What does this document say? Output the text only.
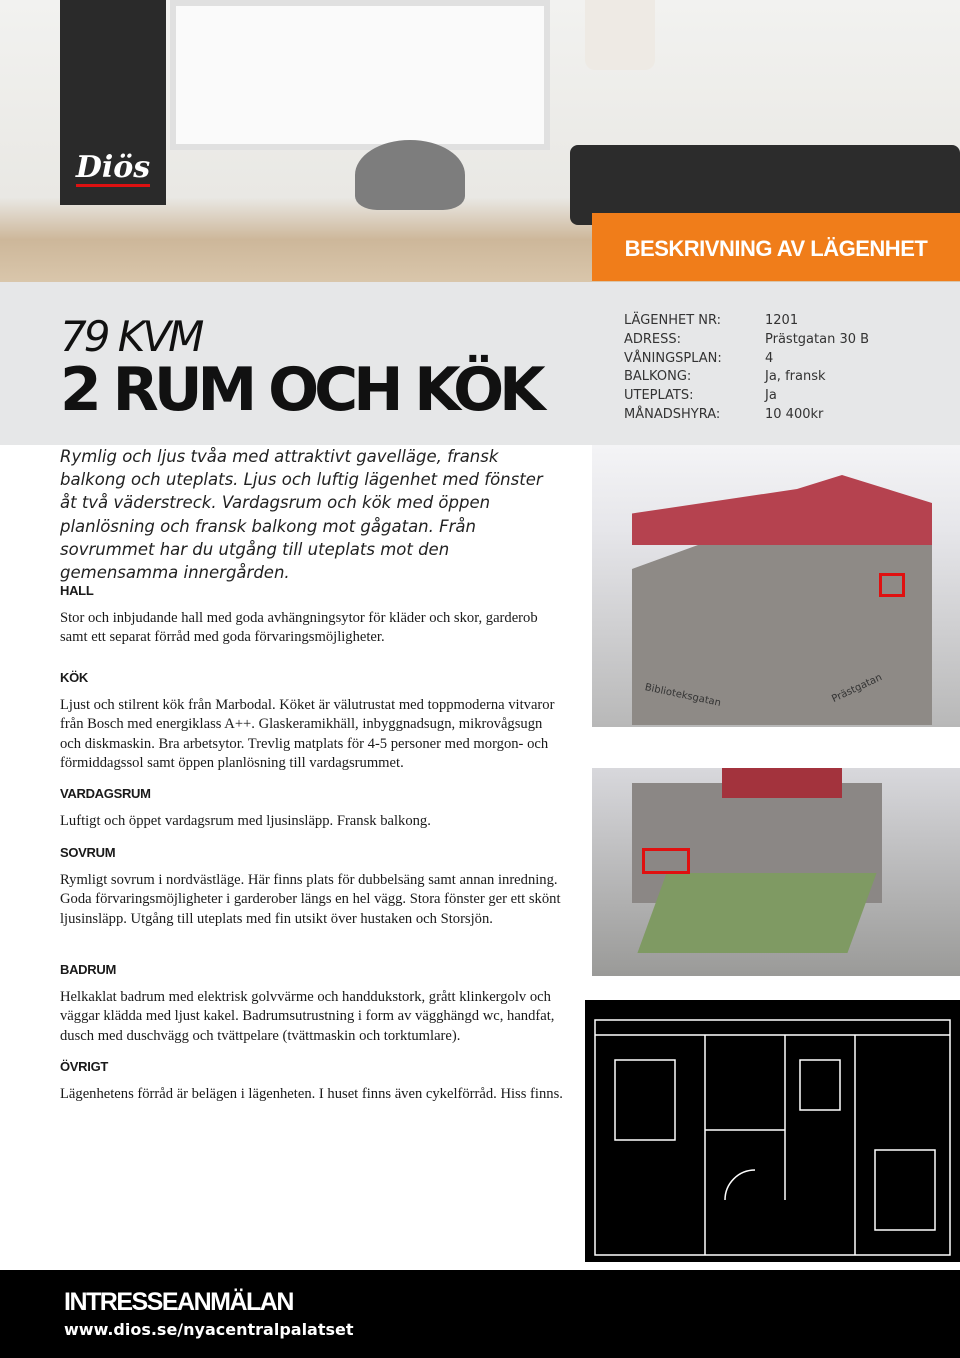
Diös
BESKRIVNING AV LÄGENHET
79 KVM
2 RUM OCH KÖK
LÄGENHET NR:	1201
ADRESS:	Prästgatan 30 B
VÅNINGSPLAN:	4
BALKONG:	Ja, fransk
UTEPLATS:	Ja
MÅNADSHYRA:	10 400kr

Rymlig och ljus tvåa med attraktivt gavelläge, fransk balkong och uteplats. Ljus och luftig lägenhet med fönster åt två väderstreck. Vardagsrum och kök med öppen planlösning och fransk balkong mot gågatan. Från sovrummet har du utgång till uteplats mot den gemensamma innergården.

HALL

Stor och inbjudande hall med goda avhängningsytor för kläder och skor, garderob samt ett separat förråd med goda förvaringsmöjligheter.

KÖK

Ljust och stilrent kök från Marbodal. Köket är välutrustat med toppmoderna vitvaror från Bosch med energiklass A++. Glaskeramikhäll, inbyggnadsugn, mikrovågsugn och diskmaskin. Bra arbetsytor. Trevlig matplats för 4-5 personer med morgon- och förmiddagssol samt öppen planlösning till vardagsrummet.

VARDAGSRUM

Luftigt och öppet vardagsrum med ljusinsläpp. Fransk balkong.

SOVRUM

Rymligt sovrum i nordvästläge. Här finns plats för dubbelsäng samt annan inredning. Goda förvaringsmöjligheter i garderober längs en hel vägg. Stora fönster ger ett skönt ljusinsläpp. Utgång till uteplats med fin utsikt över hustaken och Storsjön.

BADRUM

Helkaklat badrum med elektrisk golvvärme och handdukstork, grått klinkergolv och väggar klädda med ljust kakel. Badrumsutrustning i form av vägghängd wc, handfat, dusch med duschvägg och tvättpelare (tvättmaskin och torktumlare).

ÖVRIGT

Lägenhetens förråd är belägen i lägenheten. I huset finns även cykelförråd. Hiss finns.

Biblioteksgatan	Prästgatan
INTRESSEANMÄLAN
www.dios.se/nyacentralpalatset
